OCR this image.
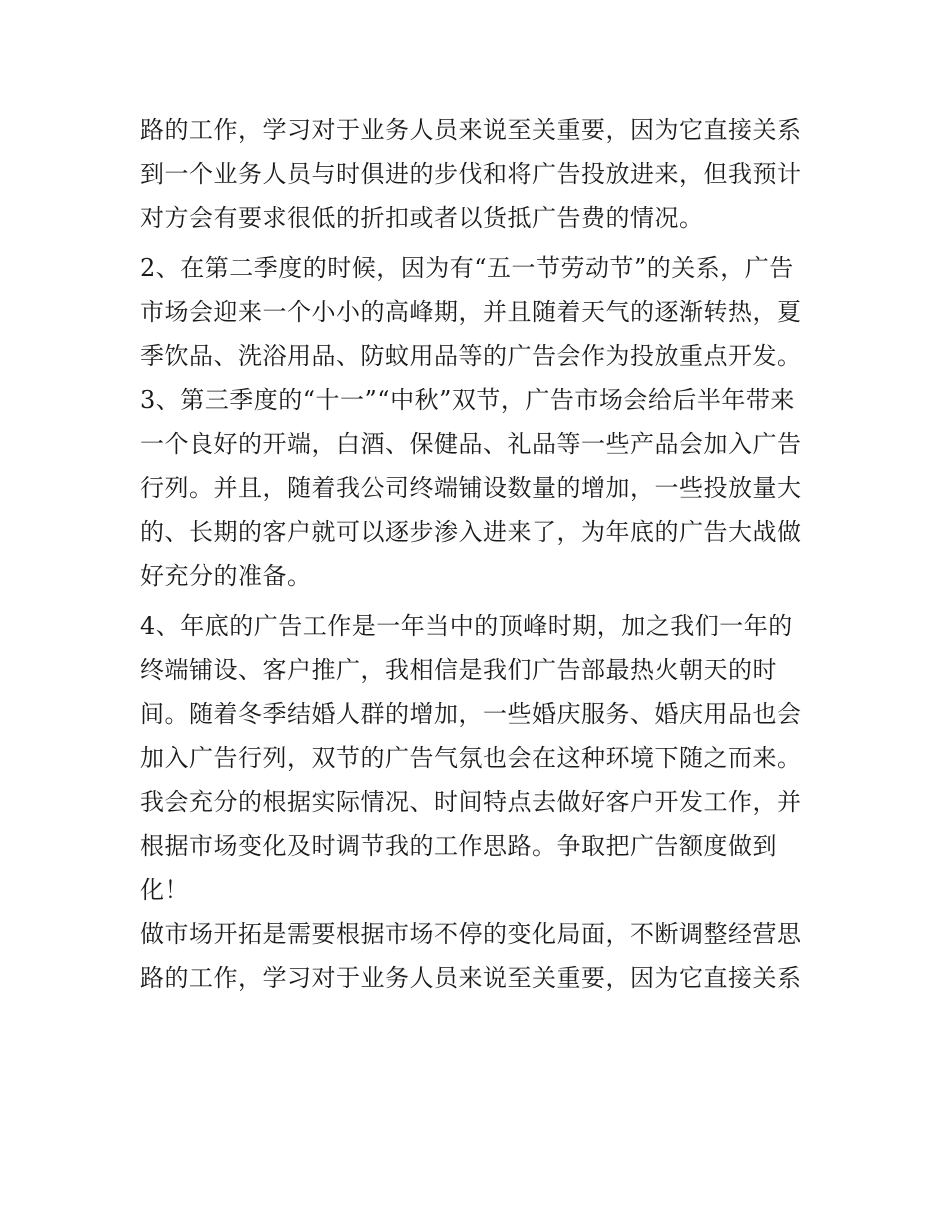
路的工作，学习对于业务人员来说至关重要，因为它直接关系
到一个业务人员与时俱进的步伐和将广告投放进来，但我预计
对方会有要求很低的折扣或者以货抵广告费的情况。
2、在第二季度的时候，因为有“五一节劳动节”的关系，广告
市场会迎来一个小小的高峰期，并且随着天气的逐渐转热，夏
季饮品、洗浴用品、防蚊用品等的广告会作为投放重点开发。
3、第三季度的“十一”“中秋”双节，广告市场会给后半年带来
一个良好的开端，白酒、保健品、礼品等一些产品会加入广告
行列。并且，随着我公司终端铺设数量的增加，一些投放量大
的、长期的客户就可以逐步渗入进来了，为年底的广告大战做
好充分的准备。
4、年底的广告工作是一年当中的顶峰时期，加之我们一年的
终端铺设、客户推广，我相信是我们广告部最热火朝天的时
间。随着冬季结婚人群的增加，一些婚庆服务、婚庆用品也会
加入广告行列，双节的广告气氛也会在这种环境下随之而来。
我会充分的根据实际情况、时间特点去做好客户开发工作，并
根据市场变化及时调节我的工作思路。争取把广告额度做到
化！
做市场开拓是需要根据市场不停的变化局面，不断调整经营思
路的工作，学习对于业务人员来说至关重要，因为它直接关系
